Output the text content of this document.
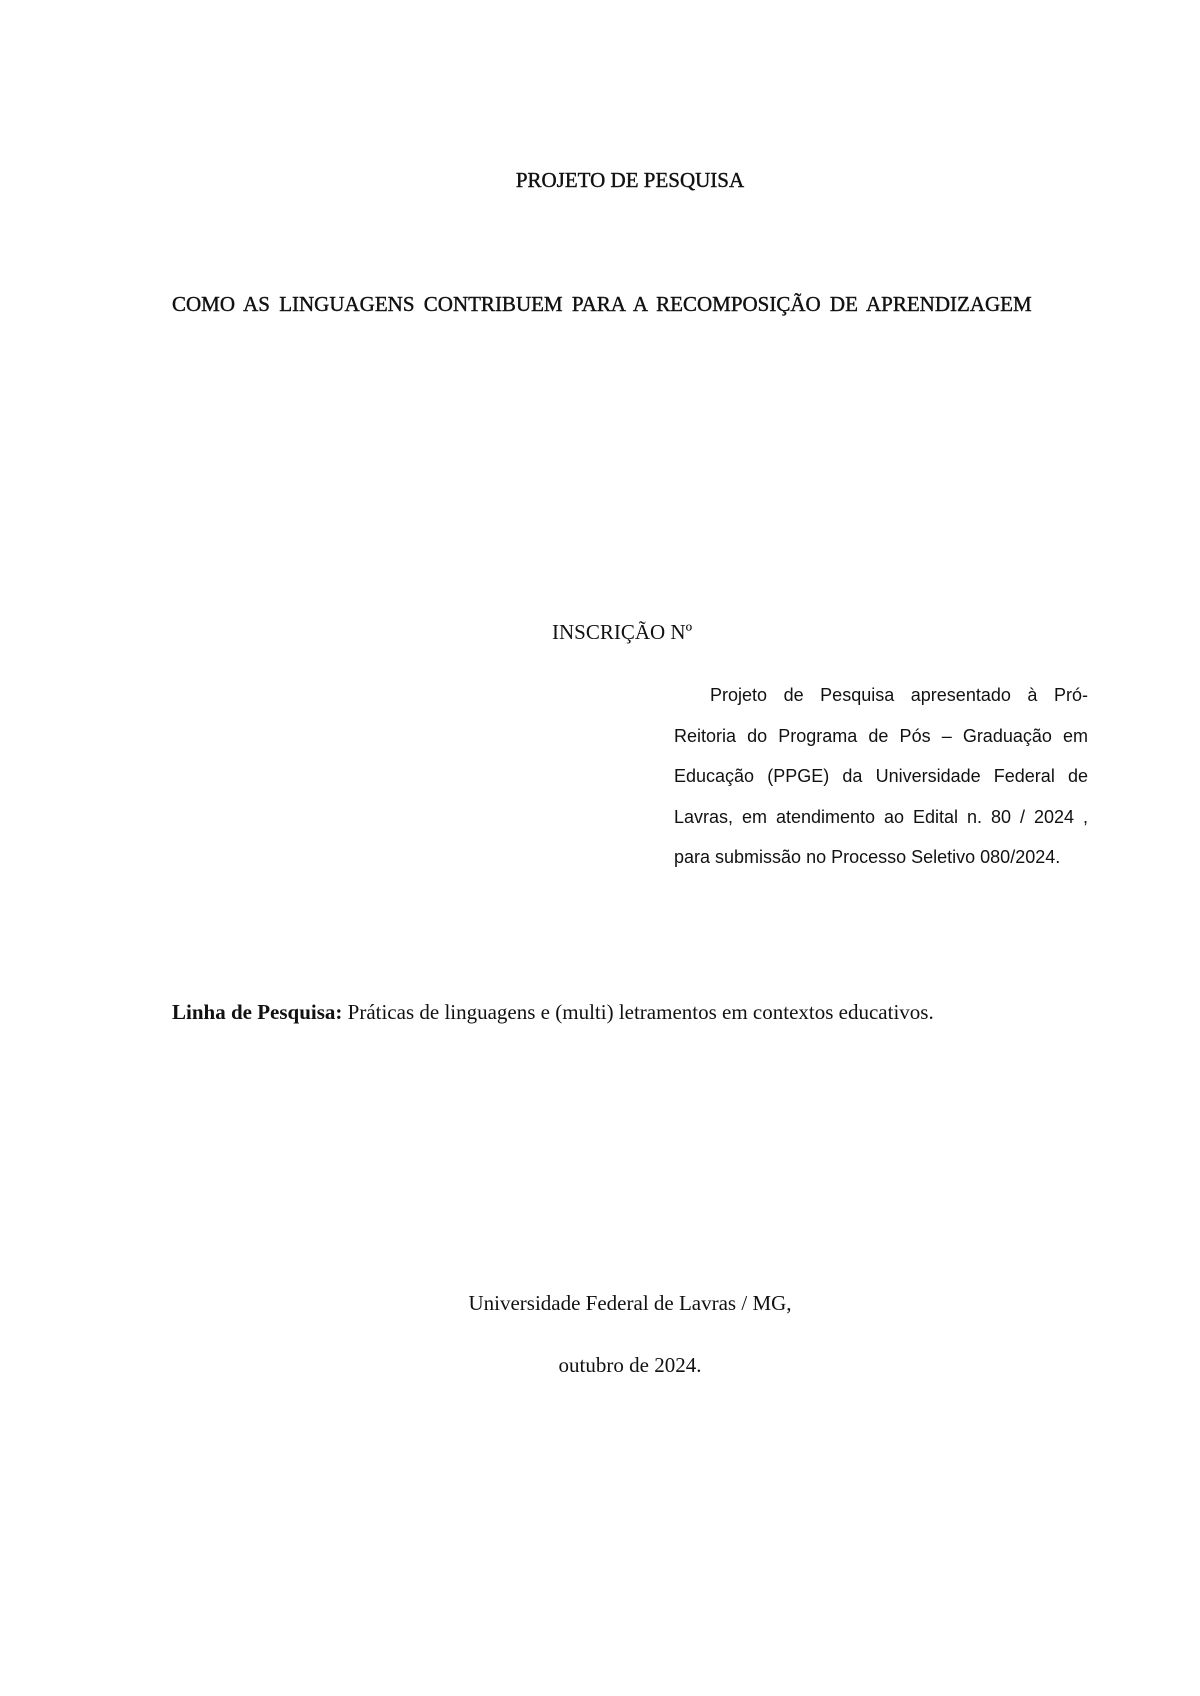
PROJETO DE PESQUISA
COMO AS LINGUAGENS CONTRIBUEM PARA A RECOMPOSIÇÃO DE APRENDIZAGEM

INSCRIÇÃO Nº

Projeto de Pesquisa apresentado à Pró-Reitoria do Programa de Pós – Graduação em Educação (PPGE) da Universidade Federal de Lavras, em atendimento ao Edital n. 80 / 2024 , para submissão no Processo Seletivo 080/2024.

Linha de Pesquisa: Práticas de linguagens e (multi) letramentos em contextos educativos.

Universidade Federal de Lavras / MG,

outubro de 2024.
